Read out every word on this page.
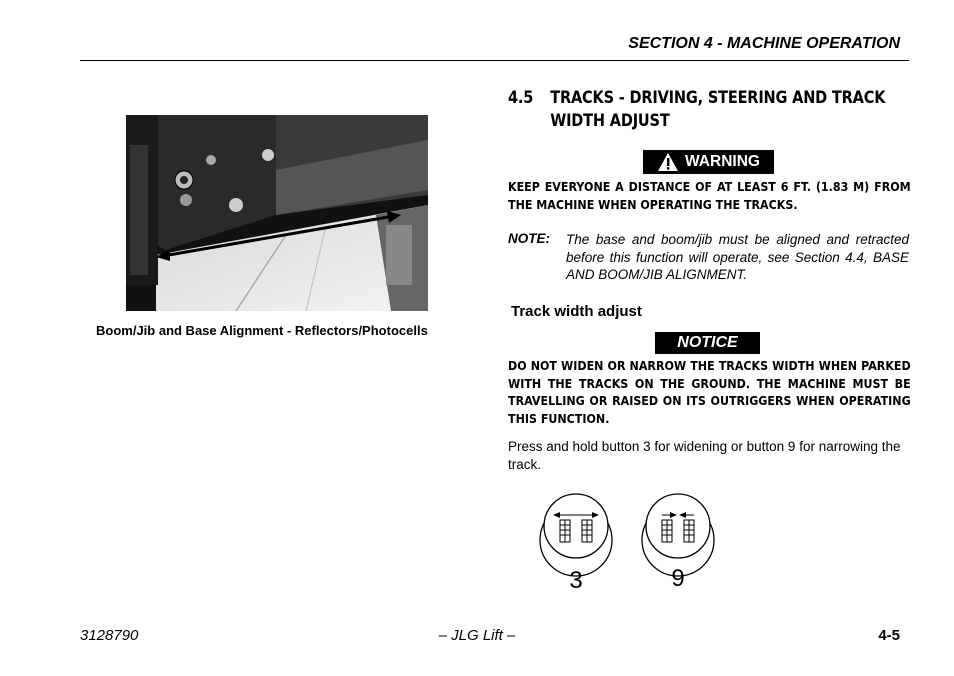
SECTION 4 - MACHINE OPERATION
Boom/Jib and Base Alignment - Reflectors/Photocells
4.5 TRACKS - DRIVING, STEERING AND TRACK WIDTH ADJUST
WARNING
KEEP EVERYONE A DISTANCE OF AT LEAST 6 FT. (1.83 M) FROM THE MACHINE WHEN OPERATING THE TRACKS.
NOTE: The base and boom/jib must be aligned and retracted before this function will operate, see Section 4.4, BASE AND BOOM/JIB ALIGNMENT.
Track width adjust
NOTICE
DO NOT WIDEN OR NARROW THE TRACKS WIDTH WHEN PARKED WITH THE TRACKS ON THE GROUND. THE MACHINE MUST BE TRAVELLING OR RAISED ON ITS OUTRIGGERS WHEN OPERATING THIS FUNCTION.
Press and hold button 3 for widening or button 9 for narrowing the track.
3	9
3128790	– JLG Lift –	4-5
